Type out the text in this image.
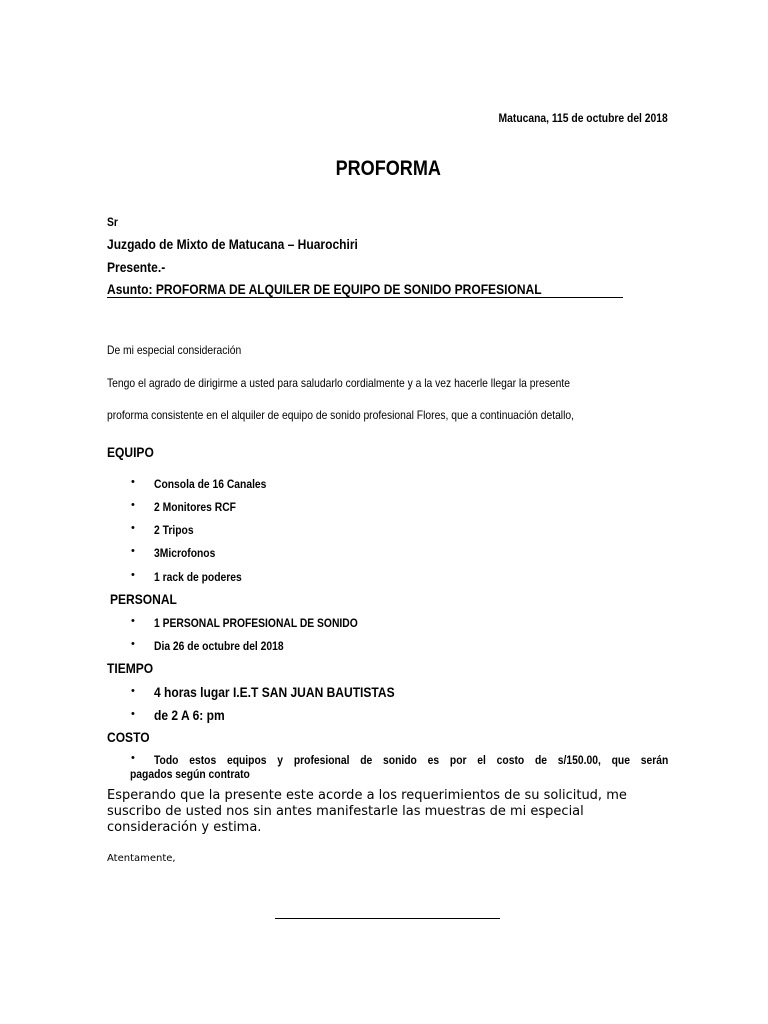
Matucana, 115 de octubre del 2018
PROFORMA
Sr
Juzgado de Mixto de Matucana – Huarochiri
Presente.-
Asunto: PROFORMA DE ALQUILER DE EQUIPO DE SONIDO PROFESIONAL
De mi especial consideración
Tengo el agrado de dirigirme a usted para saludarlo cordialmente y a la vez hacerle llegar la presente
proforma consistente en el alquiler de equipo de sonido profesional Flores, que a continuación detallo,
EQUIPO
• Consola de 16 Canales
• 2 Monitores RCF
• 2 Tripos
• 3Microfonos
• 1 rack de poderes
PERSONAL
• 1 PERSONAL PROFESIONAL DE SONIDO
• Dia 26 de octubre del 2018
TIEMPO
• 4 horas lugar I.E.T SAN JUAN BAUTISTAS
• de 2 A 6: pm
COSTO
• Todo estos equipos y profesional de sonido es por el costo de s/150.00, que serán
pagados según contrato
Esperando que la presente este acorde a los requerimientos de su solicitud, me suscribo de usted nos sin antes manifestarle las muestras de mi especial consideración y estima.
Atentamente,
